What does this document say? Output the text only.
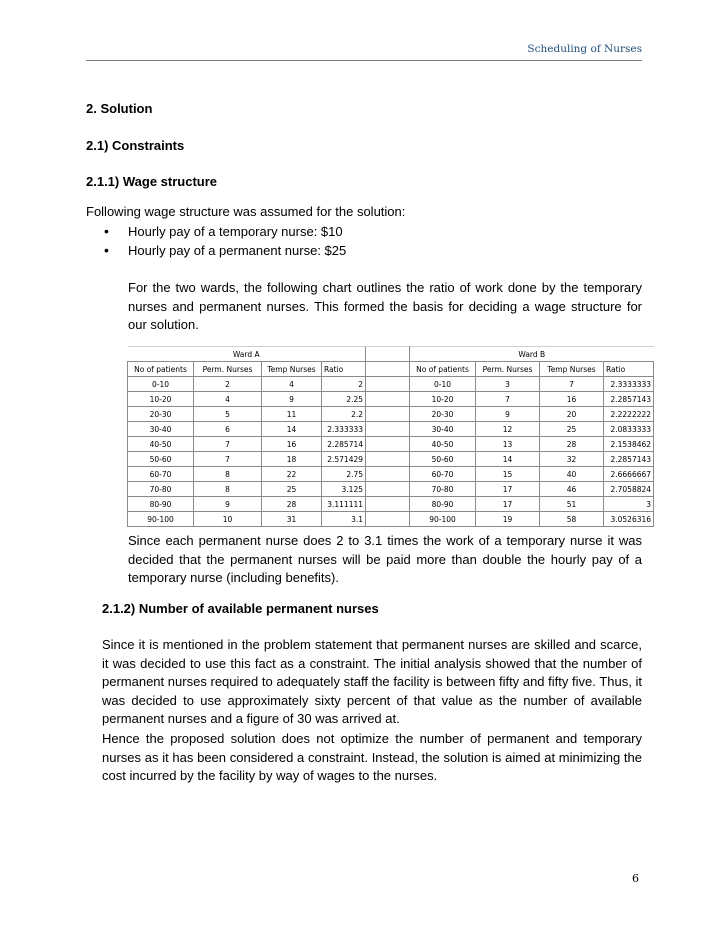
Scheduling of Nurses
2. Solution
2.1) Constraints
2.1.1) Wage structure
Following wage structure was assumed for the solution:
• Hourly pay of a temporary nurse: $10
• Hourly pay of a permanent nurse: $25
For the two wards, the following chart outlines the ratio of work done by the temporary nurses and permanent nurses. This formed the basis for deciding a wage structure for our solution.
Ward A					Ward B			
No of patients	Perm. Nurses	Temp Nurses	Ratio		No of patients	Perm. Nurses	Temp Nurses	Ratio
0-10	2	4	2		0-10	3	7	2.3333333
10-20	4	9	2.25		10-20	7	16	2.2857143
20-30	5	11	2.2		20-30	9	20	2.2222222
30-40	6	14	2.333333		30-40	12	25	2.0833333
40-50	7	16	2.285714		40-50	13	28	2.1538462
50-60	7	18	2.571429		50-60	14	32	2.2857143
60-70	8	22	2.75		60-70	15	40	2.6666667
70-80	8	25	3.125		70-80	17	46	2.7058824
80-90	9	28	3.111111		80-90	17	51	3
90-100	10	31	3.1		90-100	19	58	3.0526316
Since each permanent nurse does 2 to 3.1 times the work of a temporary nurse it was decided that the permanent nurses will be paid more than double the hourly pay of a temporary nurse (including benefits).
2.1.2) Number of available permanent nurses
Since it is mentioned in the problem statement that permanent nurses are skilled and scarce, it was decided to use this fact as a constraint. The initial analysis showed that the number of permanent nurses required to adequately staff the facility is between fifty and fifty five. Thus, it was decided to use approximately sixty percent of that value as the number of available permanent nurses and a figure of 30 was arrived at.
Hence the proposed solution does not optimize the number of permanent and temporary nurses as it has been considered a constraint. Instead, the solution is aimed at minimizing the cost incurred by the facility by way of wages to the nurses.
6
